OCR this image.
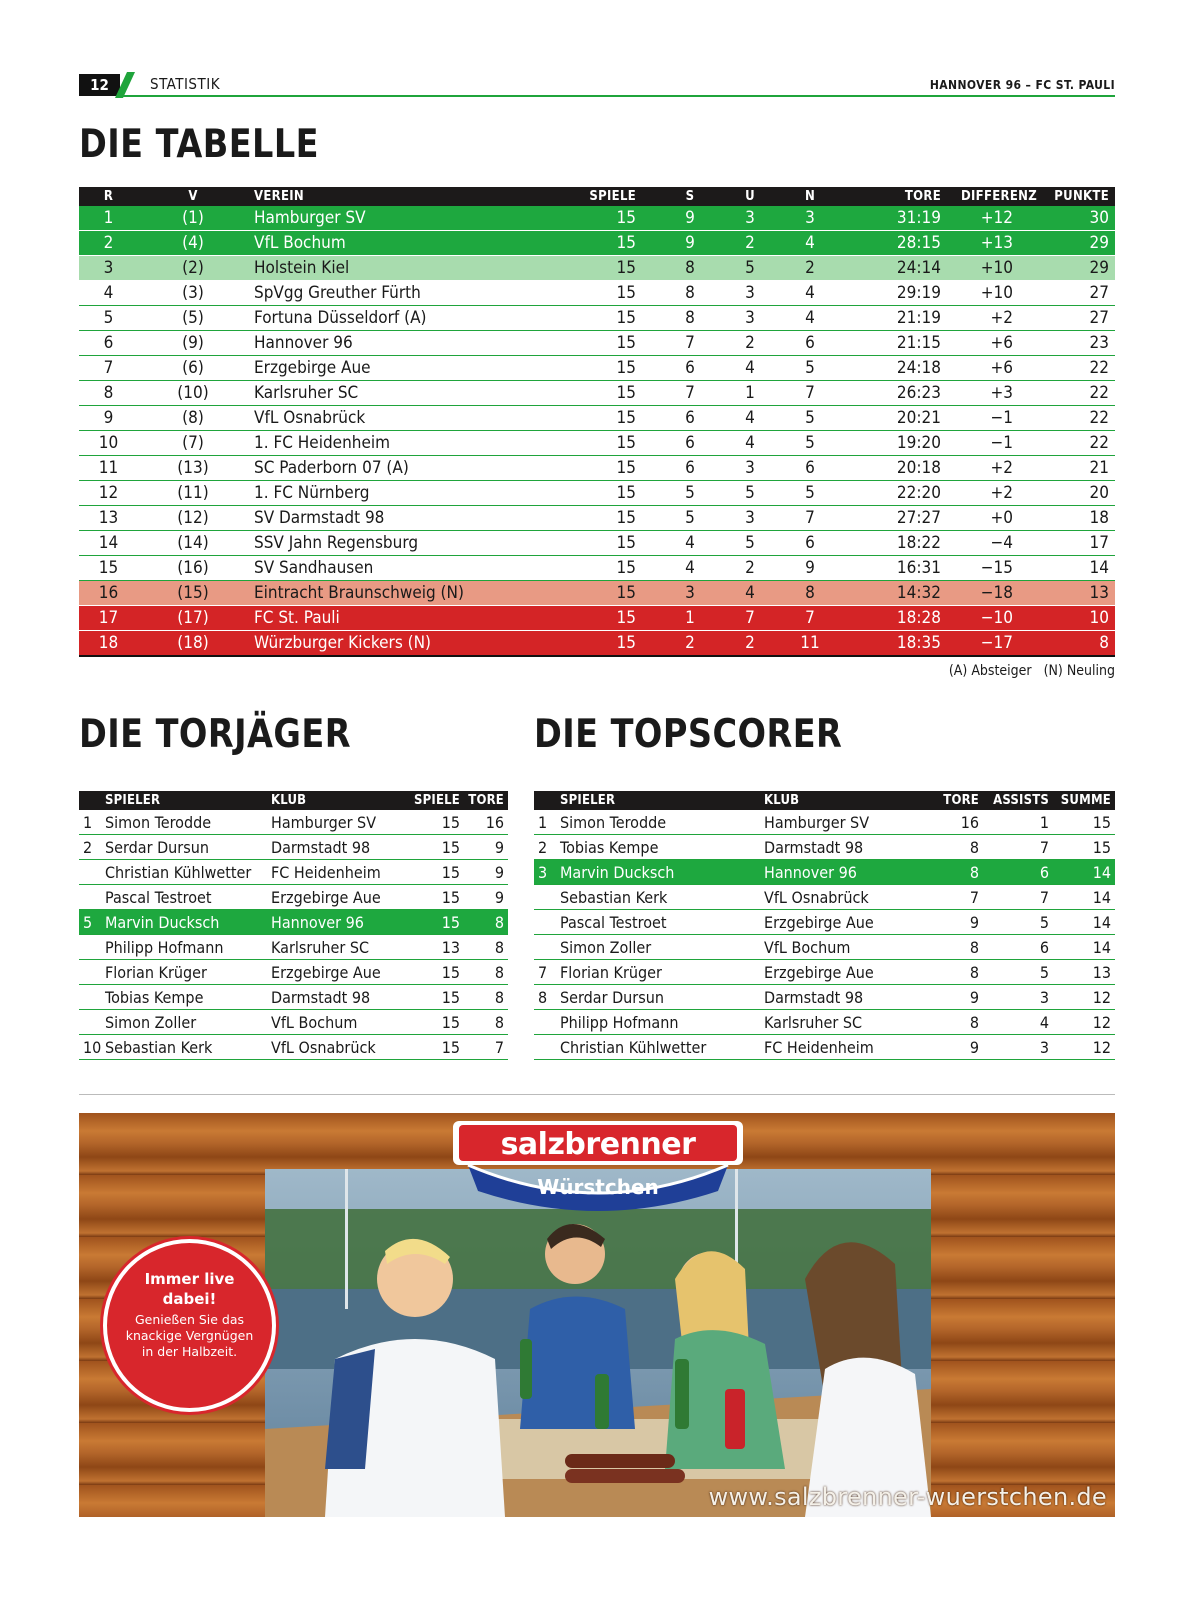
12	STATISTIK	HANNOVER 96 – FC ST. PAULI
DIE TABELLE
R	V	VEREIN	SPIELE	S	U	N	TORE	DIFFERENZ	PUNKTE
1	(1)	Hamburger SV	15	9	3	3	31:19	+12	30
2	(4)	VfL Bochum	15	9	2	4	28:15	+13	29
3	(2)	Holstein Kiel	15	8	5	2	24:14	+10	29
4	(3)	SpVgg Greuther Fürth	15	8	3	4	29:19	+10	27
5	(5)	Fortuna Düsseldorf (A)	15	8	3	4	21:19	+2	27
6	(9)	Hannover 96	15	7	2	6	21:15	+6	23
7	(6)	Erzgebirge Aue	15	6	4	5	24:18	+6	22
8	(10)	Karlsruher SC	15	7	1	7	26:23	+3	22
9	(8)	VfL Osnabrück	15	6	4	5	20:21	−1	22
10	(7)	1. FC Heidenheim	15	6	4	5	19:20	−1	22
11	(13)	SC Paderborn 07 (A)	15	6	3	6	20:18	+2	21
12	(11)	1. FC Nürnberg	15	5	5	5	22:20	+2	20
13	(12)	SV Darmstadt 98	15	5	3	7	27:27	+0	18
14	(14)	SSV Jahn Regensburg	15	4	5	6	18:22	−4	17
15	(16)	SV Sandhausen	15	4	2	9	16:31	−15	14
16	(15)	Eintracht Braunschweig (N)	15	3	4	8	14:32	−18	13
17	(17)	FC St. Pauli	15	1	7	7	18:28	−10	10
18	(18)	Würzburger Kickers (N)	15	2	2	11	18:35	−17	8
(A) Absteiger   (N) Neuling
DIE TORJÄGER
	SPIELER	KLUB	SPIELE	TORE
1	Simon Terodde	Hamburger SV	15	16
2	Serdar Dursun	Darmstadt 98	15	9
	Christian Kühlwetter	FC Heidenheim	15	9
	Pascal Testroet	Erzgebirge Aue	15	9
5	Marvin Ducksch	Hannover 96	15	8
	Philipp Hofmann	Karlsruher SC	13	8
	Florian Krüger	Erzgebirge Aue	15	8
	Tobias Kempe	Darmstadt 98	15	8
	Simon Zoller	VfL Bochum	15	8
10	Sebastian Kerk	VfL Osnabrück	15	7
DIE TOPSCORER
	SPIELER	KLUB	TORE	ASSISTS	SUMME
1	Simon Terodde	Hamburger SV	16	1	15
2	Tobias Kempe	Darmstadt 98	8	7	15
3	Marvin Ducksch	Hannover 96	8	6	14
	Sebastian Kerk	VfL Osnabrück	7	7	14
	Pascal Testroet	Erzgebirge Aue	9	5	14
	Simon Zoller	VfL Bochum	8	6	14
7	Florian Krüger	Erzgebirge Aue	8	5	13
8	Serdar Dursun	Darmstadt 98	9	3	12
	Philipp Hofmann	Karlsruher SC	8	4	12
	Christian Kühlwetter	FC Heidenheim	9	3	12
salzbrenner
Würstchen
Immer live dabei!
Genießen Sie das knackige Vergnügen in der Halbzeit.
www.salzbrenner-wuerstchen.de
